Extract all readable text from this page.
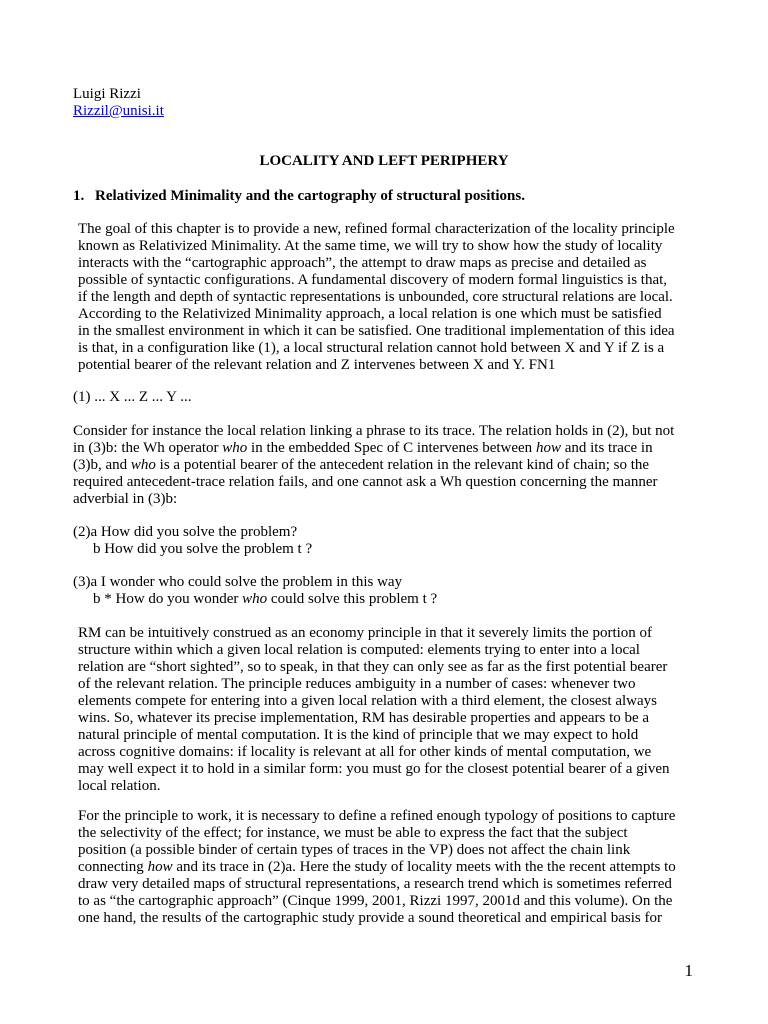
Luigi Rizzi
Rizzil@unisi.it
LOCALITY AND LEFT PERIPHERY
1. Relativized Minimality and the cartography of structural positions.
The goal of this chapter is to provide a new, refined formal characterization of the locality principle
known as Relativized Minimality. At the same time, we will try to show how the study of locality
interacts with the “cartographic approach”, the attempt to draw maps as precise and detailed as
possible of syntactic configurations. A fundamental discovery of modern formal linguistics is that,
if the length and depth of syntactic representations is unbounded, core structural relations are local.
According to the Relativized Minimality approach, a local relation is one which must be satisfied
in the smallest environment in which it can be satisfied. One traditional implementation of this idea
is that, in a configuration like (1), a local structural relation cannot hold between X and Y if Z is a
potential bearer of the relevant relation and Z intervenes between X and Y. FN1
(1) ... X ... Z ... Y ...
Consider for instance the local relation linking a phrase to its trace. The relation holds in (2), but not
in (3)b: the Wh operator who in the embedded Spec of C intervenes between how and its trace in
(3)b, and who is a potential bearer of the antecedent relation in the relevant kind of chain; so the
required antecedent-trace relation fails, and one cannot ask a Wh question concerning the manner
adverbial in (3)b:
(2)a How did you solve the problem?
b How did you solve the problem t ?
(3)a I wonder who could solve the problem in this way
b * How do you wonder who could solve this problem t ?
RM can be intuitively construed as an economy principle in that it severely limits the portion of
structure within which a given local relation is computed: elements trying to enter into a local
relation are “short sighted”, so to speak, in that they can only see as far as the first potential bearer
of the relevant relation. The principle reduces ambiguity in a number of cases: whenever two
elements compete for entering into a given local relation with a third element, the closest always
wins. So, whatever its precise implementation, RM has desirable properties and appears to be a
natural principle of mental computation. It is the kind of principle that we may expect to hold
across cognitive domains: if locality is relevant at all for other kinds of mental computation, we
may well expect it to hold in a similar form: you must go for the closest potential bearer of a given
local relation.
For the principle to work, it is necessary to define a refined enough typology of positions to capture
the selectivity of the effect; for instance, we must be able to express the fact that the subject
position (a possible binder of certain types of traces in the VP) does not affect the chain link
connecting how and its trace in (2)a. Here the study of locality meets with the the recent attempts to
draw very detailed maps of structural representations, a research trend which is sometimes referred
to as “the cartographic approach” (Cinque 1999, 2001, Rizzi 1997, 2001d and this volume). On the
one hand, the results of the cartographic study provide a sound theoretical and empirical basis for
1
